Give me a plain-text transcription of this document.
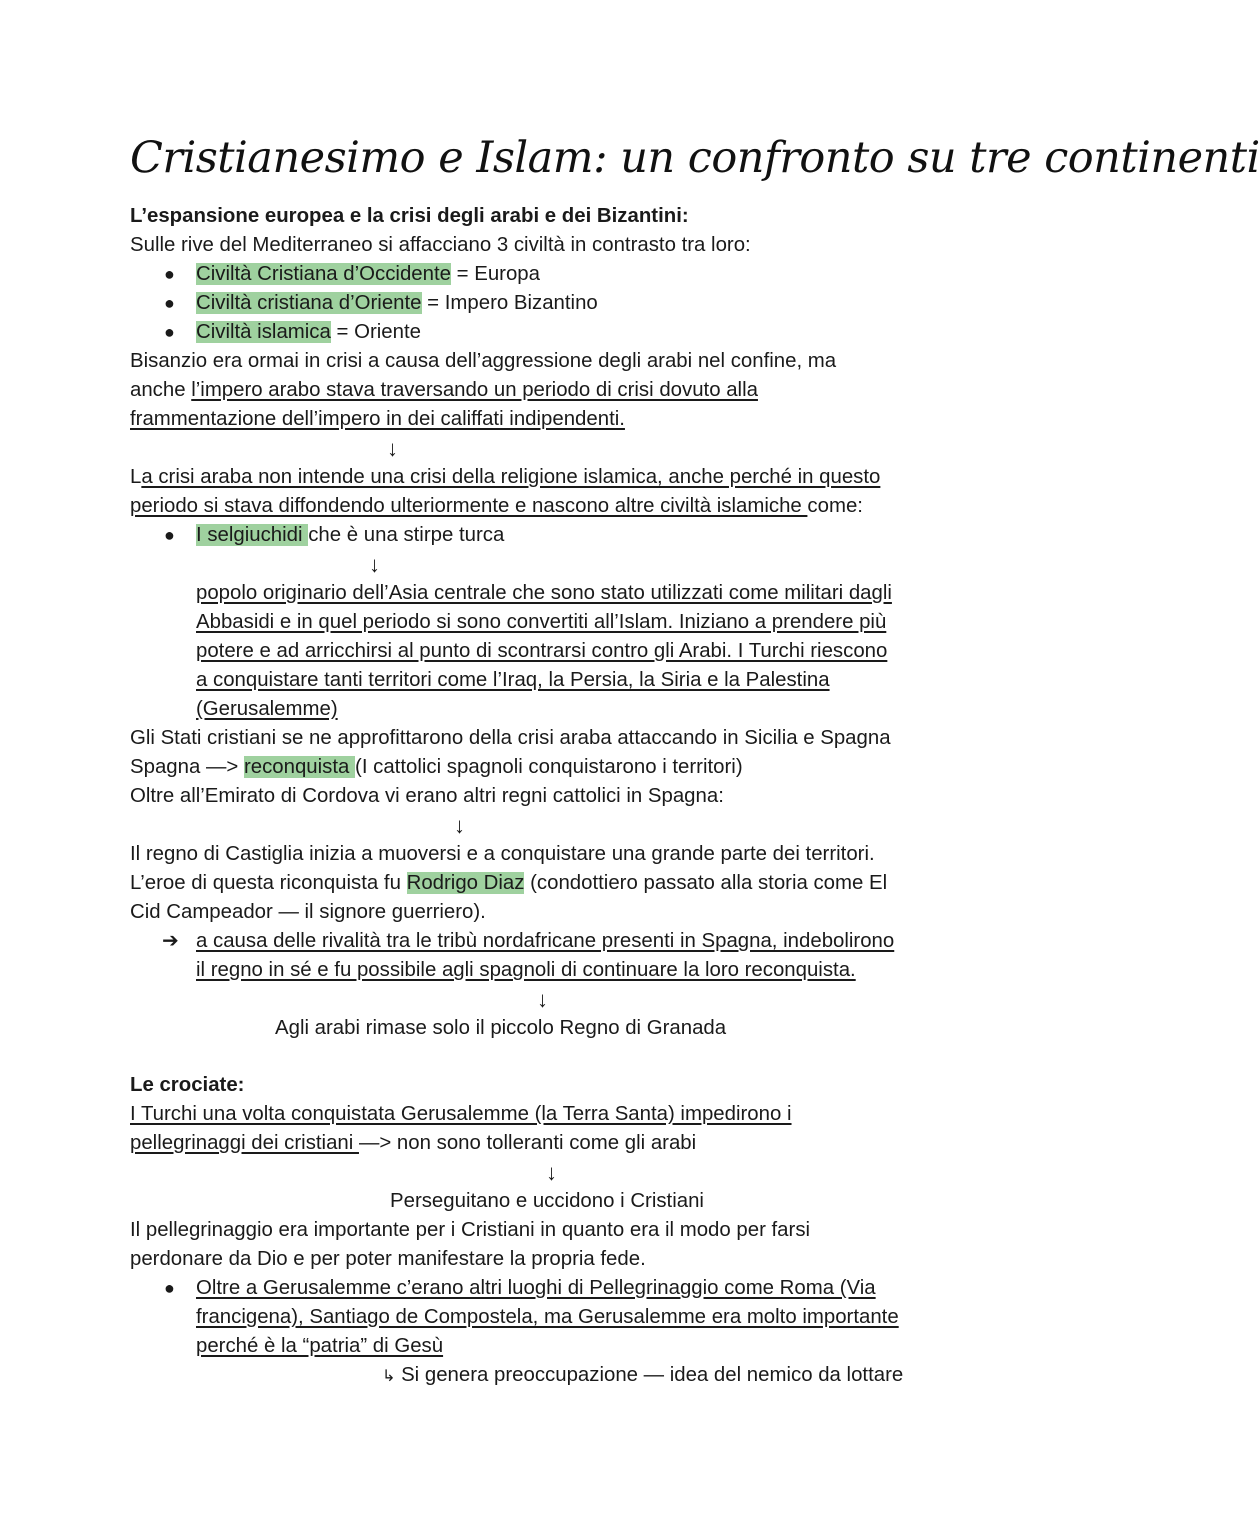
Cristianesimo e Islam: un confronto su tre continenti
L’espansione europea e la crisi degli arabi e dei Bizantini:
Sulle rive del Mediterraneo si affacciano 3 civiltà in contrasto tra loro:
● Civiltà Cristiana d’Occidente = Europa
● Civiltà cristiana d’Oriente = Impero Bizantino
● Civiltà islamica = Oriente
Bisanzio era ormai in crisi a causa dell’aggressione degli arabi nel confine, ma
anche l’impero arabo stava traversando un periodo di crisi dovuto alla
frammentazione dell’impero in dei califfati indipendenti.
↓
La crisi araba non intende una crisi della religione islamica, anche perché in questo
periodo si stava diffondendo ulteriormente e nascono altre civiltà islamiche come:
● I selgiuchidi che è una stirpe turca
↓
popolo originario dell’Asia centrale che sono stato utilizzati come militari dagli
Abbasidi e in quel periodo si sono convertiti all’Islam. Iniziano a prendere più
potere e ad arricchirsi al punto di scontrarsi contro gli Arabi. I Turchi riescono
a conquistare tanti territori come l’Iraq, la Persia, la Siria e la Palestina
(Gerusalemme)
Gli Stati cristiani se ne approfittarono della crisi araba attaccando in Sicilia e Spagna
Spagna —> reconquista (I cattolici spagnoli conquistarono i territori)
Oltre all’Emirato di Cordova vi erano altri regni cattolici in Spagna:
↓
Il regno di Castiglia inizia a muoversi e a conquistare una grande parte dei territori.
L’eroe di questa riconquista fu Rodrigo Diaz (condottiero passato alla storia come El
Cid Campeador — il signore guerriero).
➔ a causa delle rivalità tra le tribù nordafricane presenti in Spagna, indebolirono
il regno in sé e fu possibile agli spagnoli di continuare la loro reconquista.
↓
Agli arabi rimase solo il piccolo Regno di Granada
Le crociate:
I Turchi una volta conquistata Gerusalemme (la Terra Santa) impedirono i
pellegrinaggi dei cristiani —> non sono tolleranti come gli arabi
↓
Perseguitano e uccidono i Cristiani
Il pellegrinaggio era importante per i Cristiani in quanto era il modo per farsi
perdonare da Dio e per poter manifestare la propria fede.
● Oltre a Gerusalemme c’erano altri luoghi di Pellegrinaggio come Roma (Via
francigena), Santiago de Compostela, ma Gerusalemme era molto importante
perché è la “patria” di Gesù
↳ Si genera preoccupazione — idea del nemico da lottare
